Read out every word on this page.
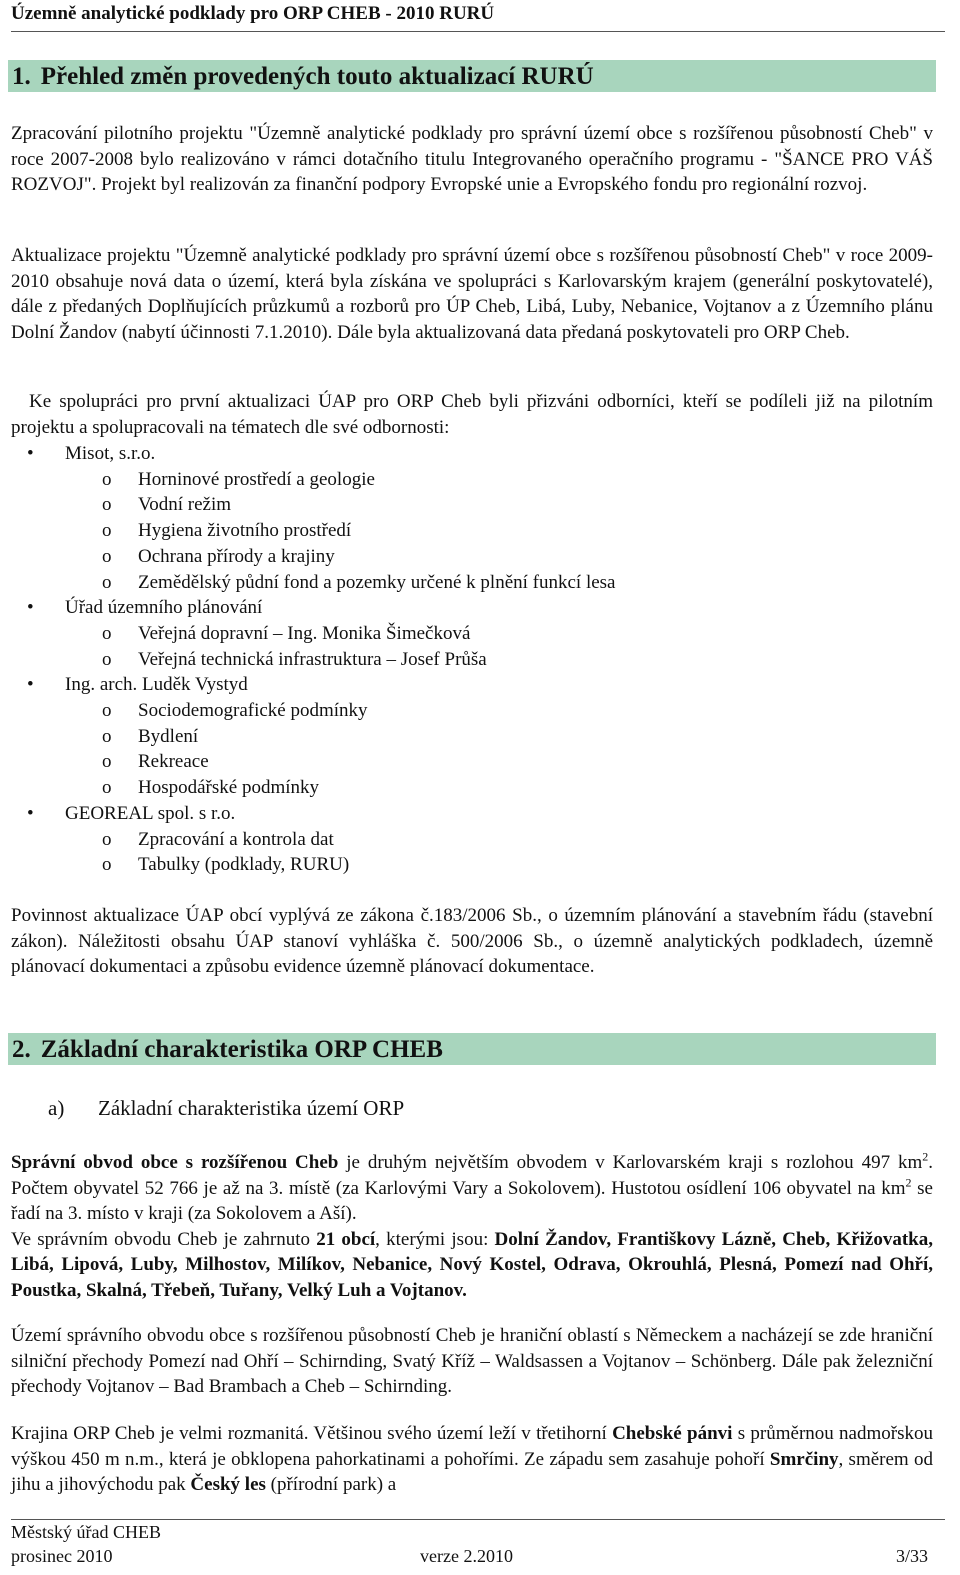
Územně analytické podklady pro ORP CHEB - 2010 RURÚ
1. Přehled změn provedených touto aktualizací RURÚ

Zpracování pilotního projektu "Územně analytické podklady pro správní území obce s rozšířenou působností Cheb" v roce 2007-2008 bylo realizováno v rámci dotačního titulu Integrovaného operačního programu - "ŠANCE PRO VÁŠ ROZVOJ". Projekt byl realizován za finanční podpory Evropské unie a Evropského fondu pro regionální rozvoj.

Aktualizace projektu "Územně analytické podklady pro správní území obce s rozšířenou působností Cheb" v roce 2009-2010 obsahuje nová data o území, která byla získána ve spolupráci s Karlovarským krajem (generální poskytovatelé), dále z předaných Doplňujících průzkumů a rozborů pro ÚP Cheb, Libá, Luby, Nebanice, Vojtanov a z Územního plánu Dolní Žandov (nabytí účinnosti 7.1.2010). Dále byla aktualizovaná data předaná poskytovateli pro ORP Cheb.

Ke spolupráci pro první aktualizaci ÚAP pro ORP Cheb byli přizváni odborníci, kteří se podíleli již na pilotním projektu a spolupracovali na tématech dle své odbornosti:

• Misot, s.r.o.
o Horninové prostředí a geologie
o Vodní režim
o Hygiena životního prostředí
o Ochrana přírody a krajiny
o Zemědělský půdní fond a pozemky určené k plnění funkcí lesa
• Úřad územního plánování
o Veřejná dopravní – Ing. Monika Šimečková
o Veřejná technická infrastruktura – Josef Průša
• Ing. arch. Luděk Vystyd
o Sociodemografické podmínky
o Bydlení
o Rekreace
o Hospodářské podmínky
• GEOREAL spol. s r.o.
o Zpracování a kontrola dat
o Tabulky (podklady, RURU)

Povinnost aktualizace ÚAP obcí vyplývá ze zákona č.183/2006 Sb., o územním plánování a stavebním řádu (stavební zákon). Náležitosti obsahu ÚAP stanoví vyhláška č. 500/2006 Sb., o územně analytických podkladech, územně plánovací dokumentaci a způsobu evidence územně plánovací dokumentace.

2. Základní charakteristika ORP CHEB
a) Základní charakteristika území ORP

Správní obvod obce s rozšířenou Cheb je druhým největším obvodem v Karlovarském kraji s rozlohou 497 $km^2$. Počtem obyvatel 52 766 je až na 3. místě (za Karlovými Vary a Sokolovem). Hustotou osídlení 106 obyvatel na $km^2$ se řadí na 3. místo v kraji (za Sokolovem a Aší).

Ve správním obvodu Cheb je zahrnuto 21 obcí, kterými jsou: Dolní Žandov, Františkovy Lázně, Cheb, Křižovatka, Libá, Lipová, Luby, Milhostov, Milíkov, Nebanice, Nový Kostel, Odrava, Okrouhlá, Plesná, Pomezí nad Ohří, Poustka, Skalná, Třebeň, Tuřany, Velký Luh a Vojtanov.

Území správního obvodu obce s rozšířenou působností Cheb je hraniční oblastí s Německem a nacházejí se zde hraniční silniční přechody Pomezí nad Ohří – Schirnding, Svatý Kříž – Waldsassen a Vojtanov – Schönberg. Dále pak železniční přechody Vojtanov – Bad Brambach a Cheb – Schirnding.

Krajina ORP Cheb je velmi rozmanitá. Většinou svého území leží v třetihorní Chebské pánvi s průměrnou nadmořskou výškou 450 m n.m., která je obklopena pahorkatinami a pohořími. Ze západu sem zasahuje pohoří Smrčiny, směrem od jihu a jihovýchodu pak Český les (přírodní park) a

Městský úřad CHEB
prosinec 2010	verze 2.2010	3/33
